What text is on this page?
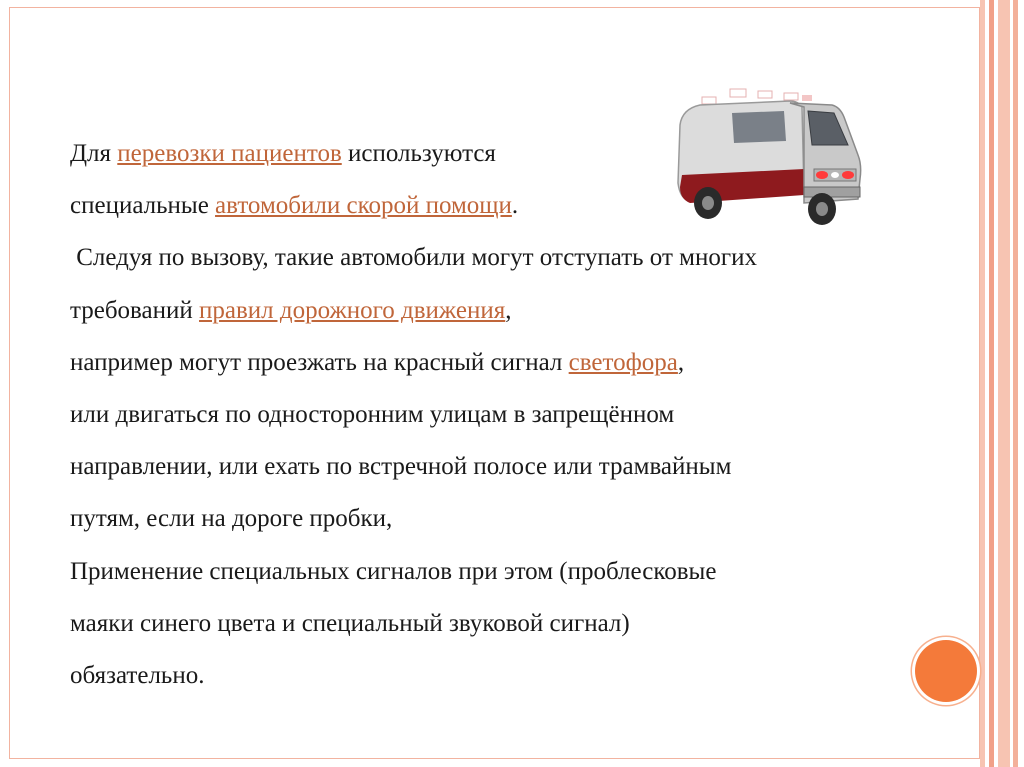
Для перевозки пациентов используются
специальные автомобили скорой помощи.
Следуя по вызову, такие автомобили могут отступать от многих
требований правил дорожного движения,
например могут проезжать на красный сигнал светофора,
или двигаться по односторонним улицам в запрещённом
направлении, или ехать по встречной полосе или трамвайным
путям, если на дороге пробки,
Применение специальных сигналов при этом (проблесковые
маяки синего цвета и специальный звуковой сигнал)
обязательно.
